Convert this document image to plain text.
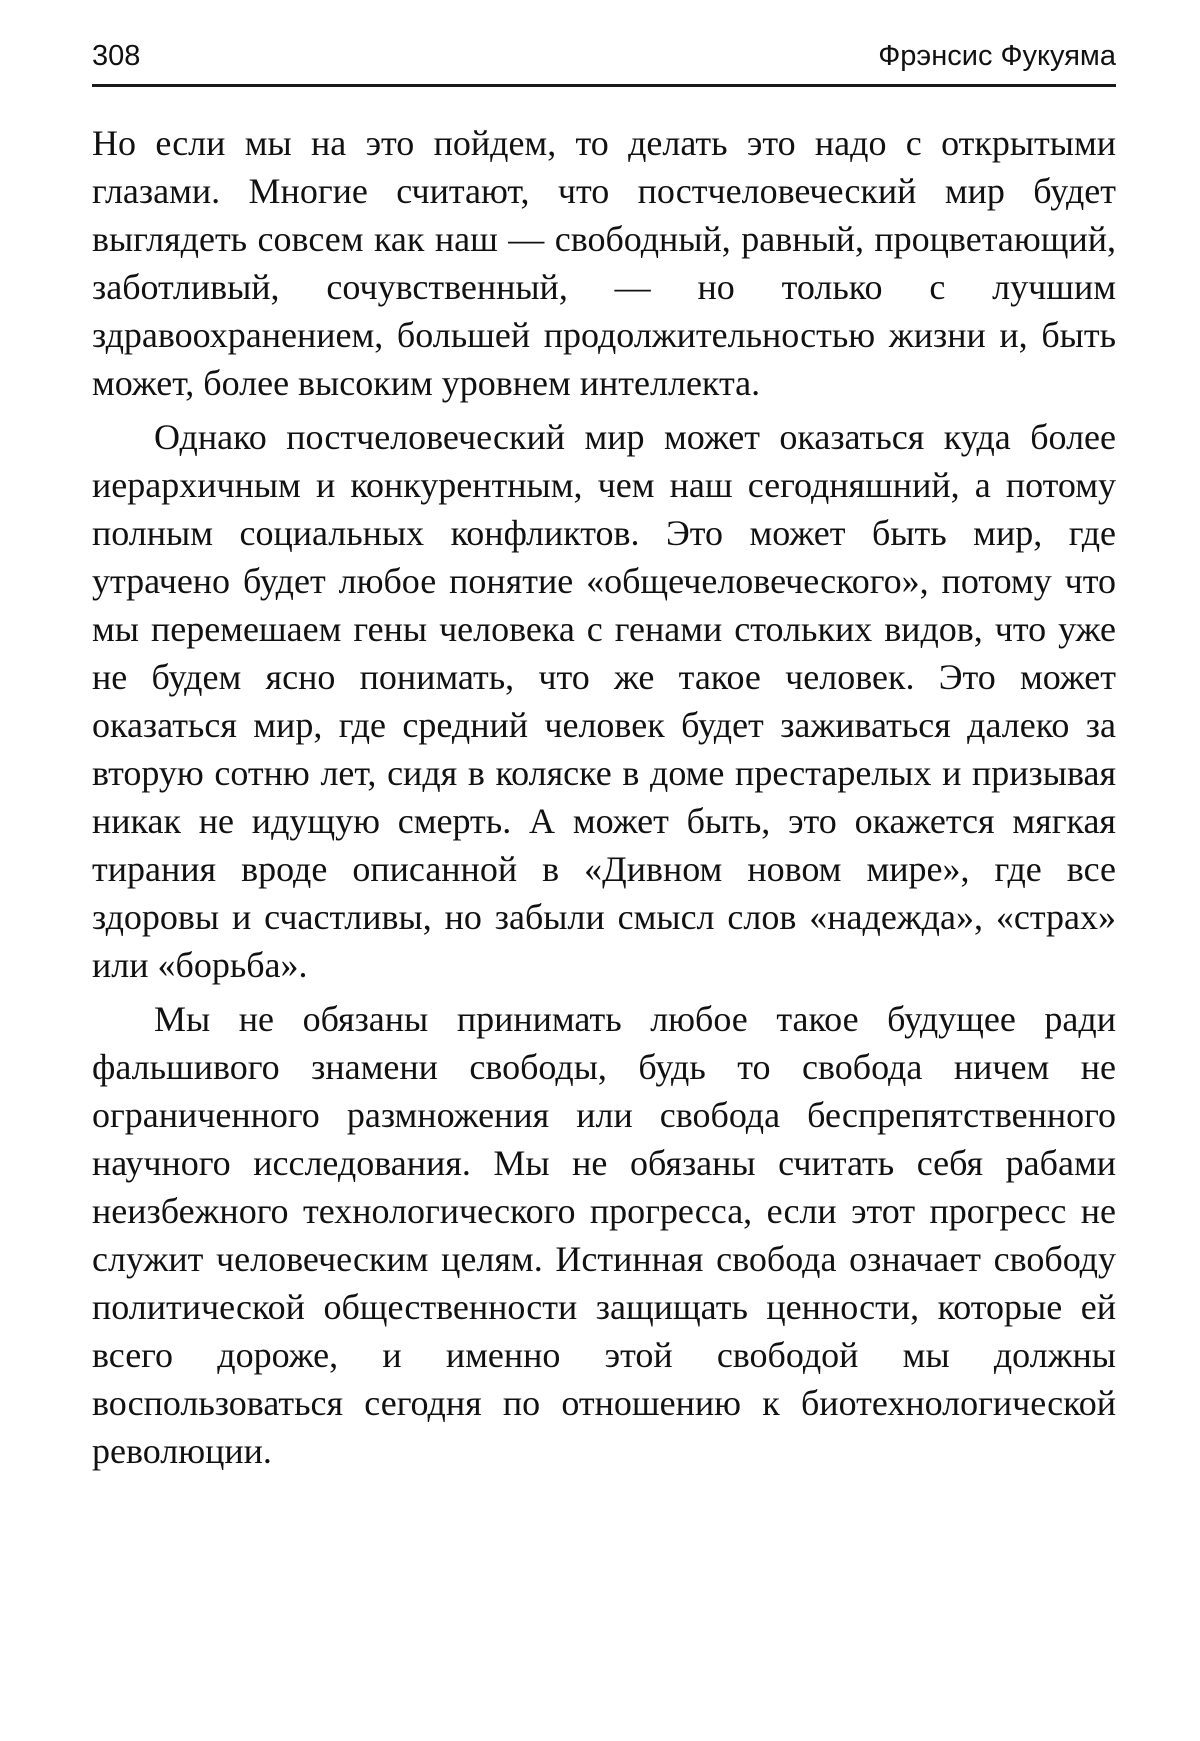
308	Фрэнсис Фукуяма

Но если мы на это пойдем, то делать это надо с открытыми глазами. Многие считают, что постчеловеческий мир будет выглядеть совсем как наш — свободный, равный, процветающий, заботливый, сочувственный, — но только с лучшим здравоохранением, большей продолжительностью жизни и, быть может, более высоким уровнем интеллекта.

Однако постчеловеческий мир может оказаться куда более иерархичным и конкурентным, чем наш сегодняшний, а потому полным социальных конфликтов. Это может быть мир, где утрачено будет любое понятие «общечеловеческого», потому что мы перемешаем гены человека с генами стольких видов, что уже не будем ясно понимать, что же такое человек. Это может оказаться мир, где средний человек будет заживаться далеко за вторую сотню лет, сидя в коляске в доме престарелых и призывая никак не идущую смерть. А может быть, это окажется мягкая тирания вроде описанной в «Дивном новом мире», где все здоровы и счастливы, но забыли смысл слов «надежда», «страх» или «борьба».

Мы не обязаны принимать любое такое будущее ради фальшивого знамени свободы, будь то свобода ничем не ограниченного размножения или свобода беспрепятственного научного исследования. Мы не обязаны считать себя рабами неизбежного технологического прогресса, если этот прогресс не служит человеческим целям. Истинная свобода означает свободу политической общественности защищать ценности, которые ей всего дороже, и именно этой свободой мы должны воспользоваться сегодня по отношению к биотехнологической революции.
